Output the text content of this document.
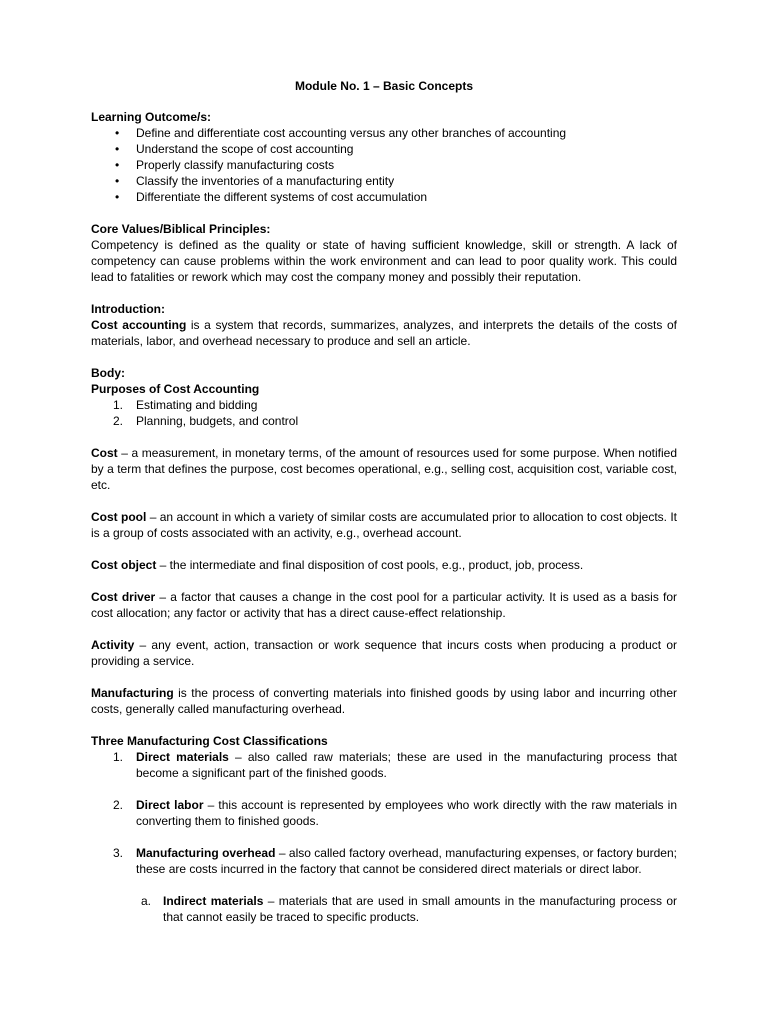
Module No. 1 – Basic Concepts

Learning Outcome/s:

• Define and differentiate cost accounting versus any other branches of accounting
• Understand the scope of cost accounting
• Properly classify manufacturing costs
• Classify the inventories of a manufacturing entity
• Differentiate the different systems of cost accumulation

Core Values/Biblical Principles:

Competency is defined as the quality or state of having sufficient knowledge, skill or strength. A lack of competency can cause problems within the work environment and can lead to poor quality work. This could lead to fatalities or rework which may cost the company money and possibly their reputation.

Introduction:

Cost accounting is a system that records, summarizes, analyzes, and interprets the details of the costs of materials, labor, and overhead necessary to produce and sell an article.

Body:

Purposes of Cost Accounting

1. Estimating and bidding
2. Planning, budgets, and control

Cost – a measurement, in monetary terms, of the amount of resources used for some purpose. When notified by a term that defines the purpose, cost becomes operational, e.g., selling cost, acquisition cost, variable cost, etc.

Cost pool – an account in which a variety of similar costs are accumulated prior to allocation to cost objects. It is a group of costs associated with an activity, e.g., overhead account.

Cost object – the intermediate and final disposition of cost pools, e.g., product, job, process.

Cost driver – a factor that causes a change in the cost pool for a particular activity. It is used as a basis for cost allocation; any factor or activity that has a direct cause-effect relationship.

Activity – any event, action, transaction or work sequence that incurs costs when producing a product or providing a service.

Manufacturing is the process of converting materials into finished goods by using labor and incurring other costs, generally called manufacturing overhead.

Three Manufacturing Cost Classifications

1. Direct materials – also called raw materials; these are used in the manufacturing process that become a significant part of the finished goods.
2. Direct labor – this account is represented by employees who work directly with the raw materials in converting them to finished goods.
3. Manufacturing overhead – also called factory overhead, manufacturing expenses, or factory burden; these are costs incurred in the factory that cannot be considered direct materials or direct labor.
a. Indirect materials – materials that are used in small amounts in the manufacturing process or that cannot easily be traced to specific products.
